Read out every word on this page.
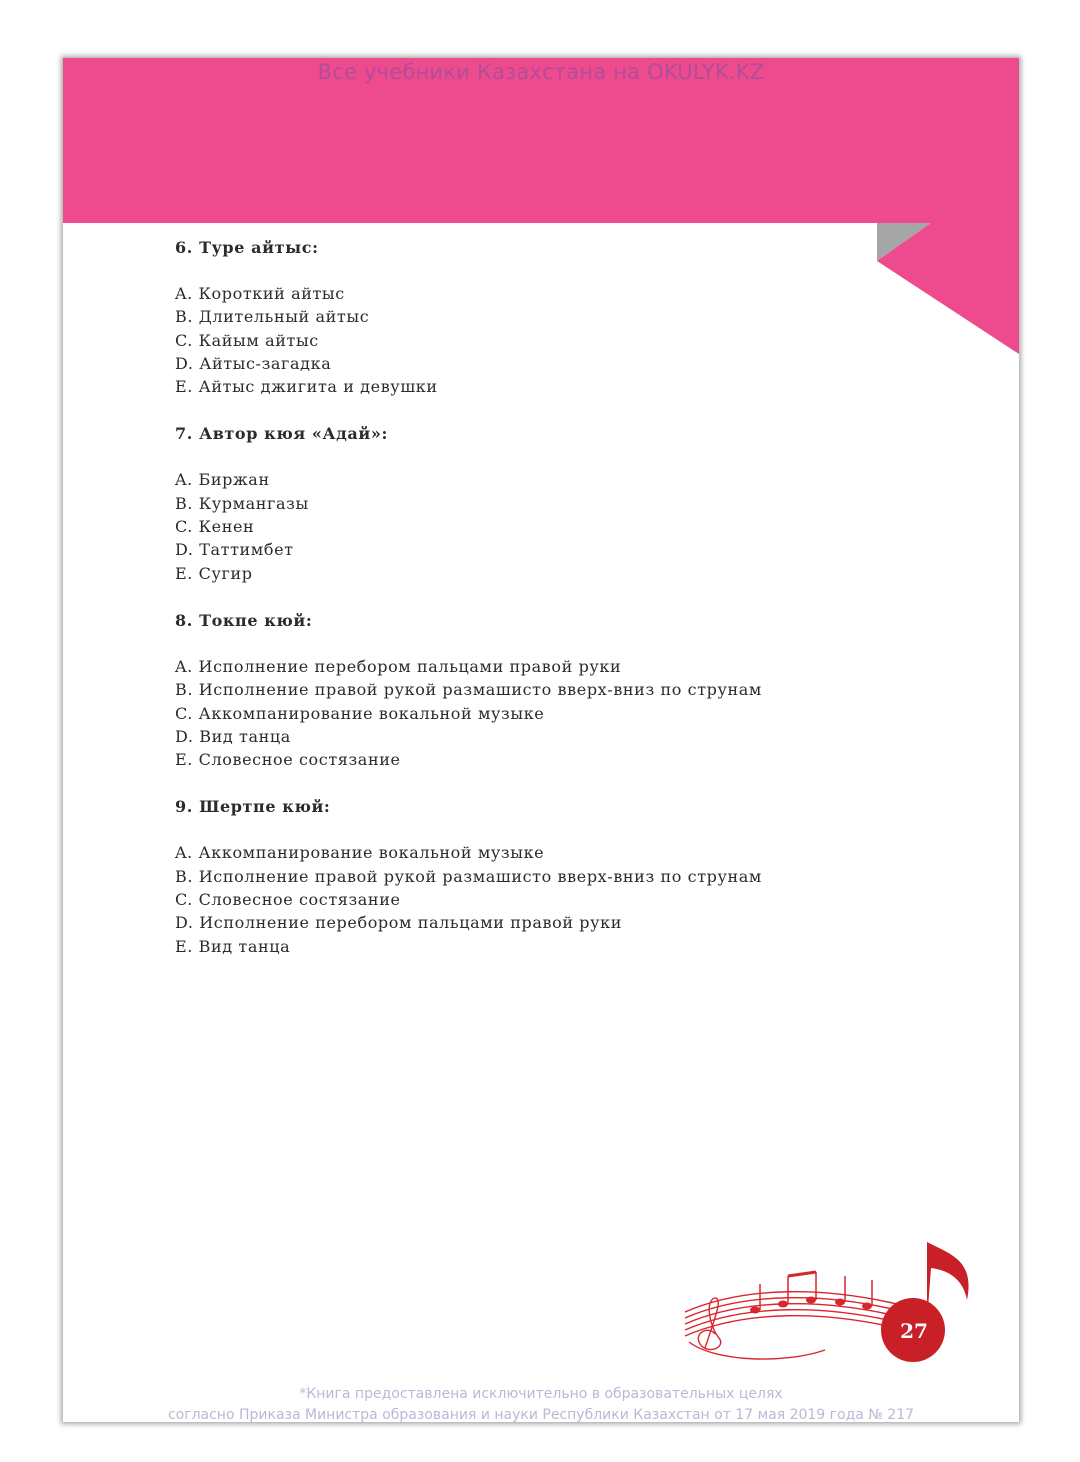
Все учебники Казахстана на OKULYK.KZ
6. Туре айтыс:
A. Короткий айтыс
B. Длительный айтыс
C. Кайым айтыс
D. Айтыс-загадка
E. Айтыс джигита и девушки
7. Автор кюя «Адай»:
A. Биржан
B. Курмангазы
C. Кенен
D. Таттимбет
E. Сугир
8. Токпе кюй:
A. Исполнение перебором пальцами правой руки
B. Исполнение правой рукой размашисто вверх-вниз по струнам
C. Аккомпанирование вокальной музыке
D. Вид танца
E. Словесное состязание
9. Шертпе кюй:
A. Аккомпанирование вокальной музыке
B. Исполнение правой рукой размашисто вверх-вниз по струнам
C. Словесное состязание
D. Исполнение перебором пальцами правой руки
E. Вид танца
27
*Книга предоставлена исключительно в образовательных целях
согласно Приказа Министра образования и науки Республики Казахстан от 17 мая 2019 года № 217
